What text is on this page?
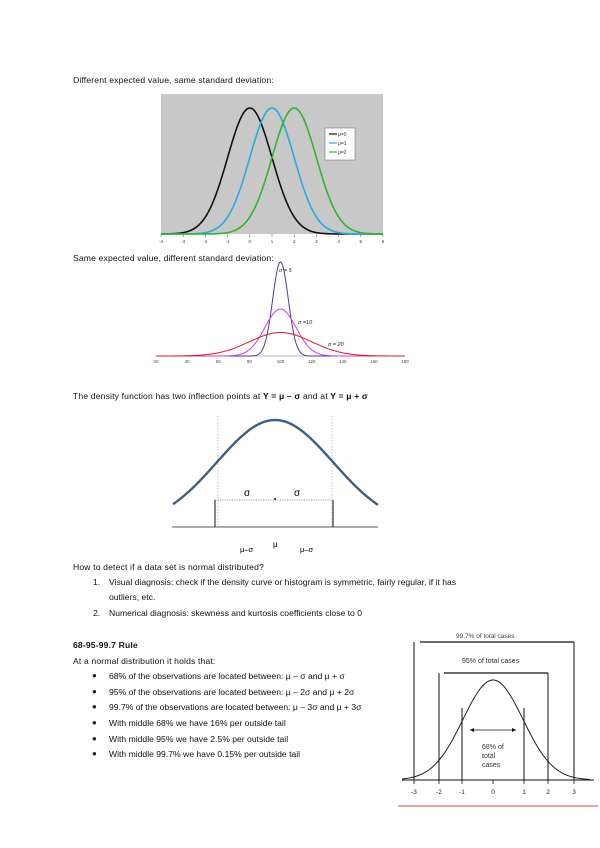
Different expected value, same standard deviation:
μ=0
μ=1
μ=2
-4	-3	-2	-1	0	1	2	3	4	5	6
Same expected value, different standard deviation:
σ = 5
σ =10
σ = 20
20	40	60	80	100	120	140	160	180
The density function has two inflection points at Y = μ – σ and at Y = μ + σ
σ	σ
μ
μ–σ	μ–σ
How to detect if a data set is normal distributed?
1. Visual diagnosis: check if the density curve or histogram is symmetric, fairly regular, if it has
outliers, etc.
2. Numerical diagnosis: skewness and kurtosis coefficients close to 0
68-95-99.7 Rule
At a normal distribution it holds that:
● 68% of the observations are located between: μ – σ and μ + σ
● 95% of the observations are located between: μ – 2σ and μ + 2σ
● 99.7% of the observations are located between: μ – 3σ and μ + 3σ
● With middle 68% we have 16% per outside tail
● With middle 95% we have 2.5% per outside tail
● With middle 99.7% we have 0.15% per outside tail
99.7% of total cases
95% of total cases
68% of
total
cases
-3	-2	-1	0	1	2	3
